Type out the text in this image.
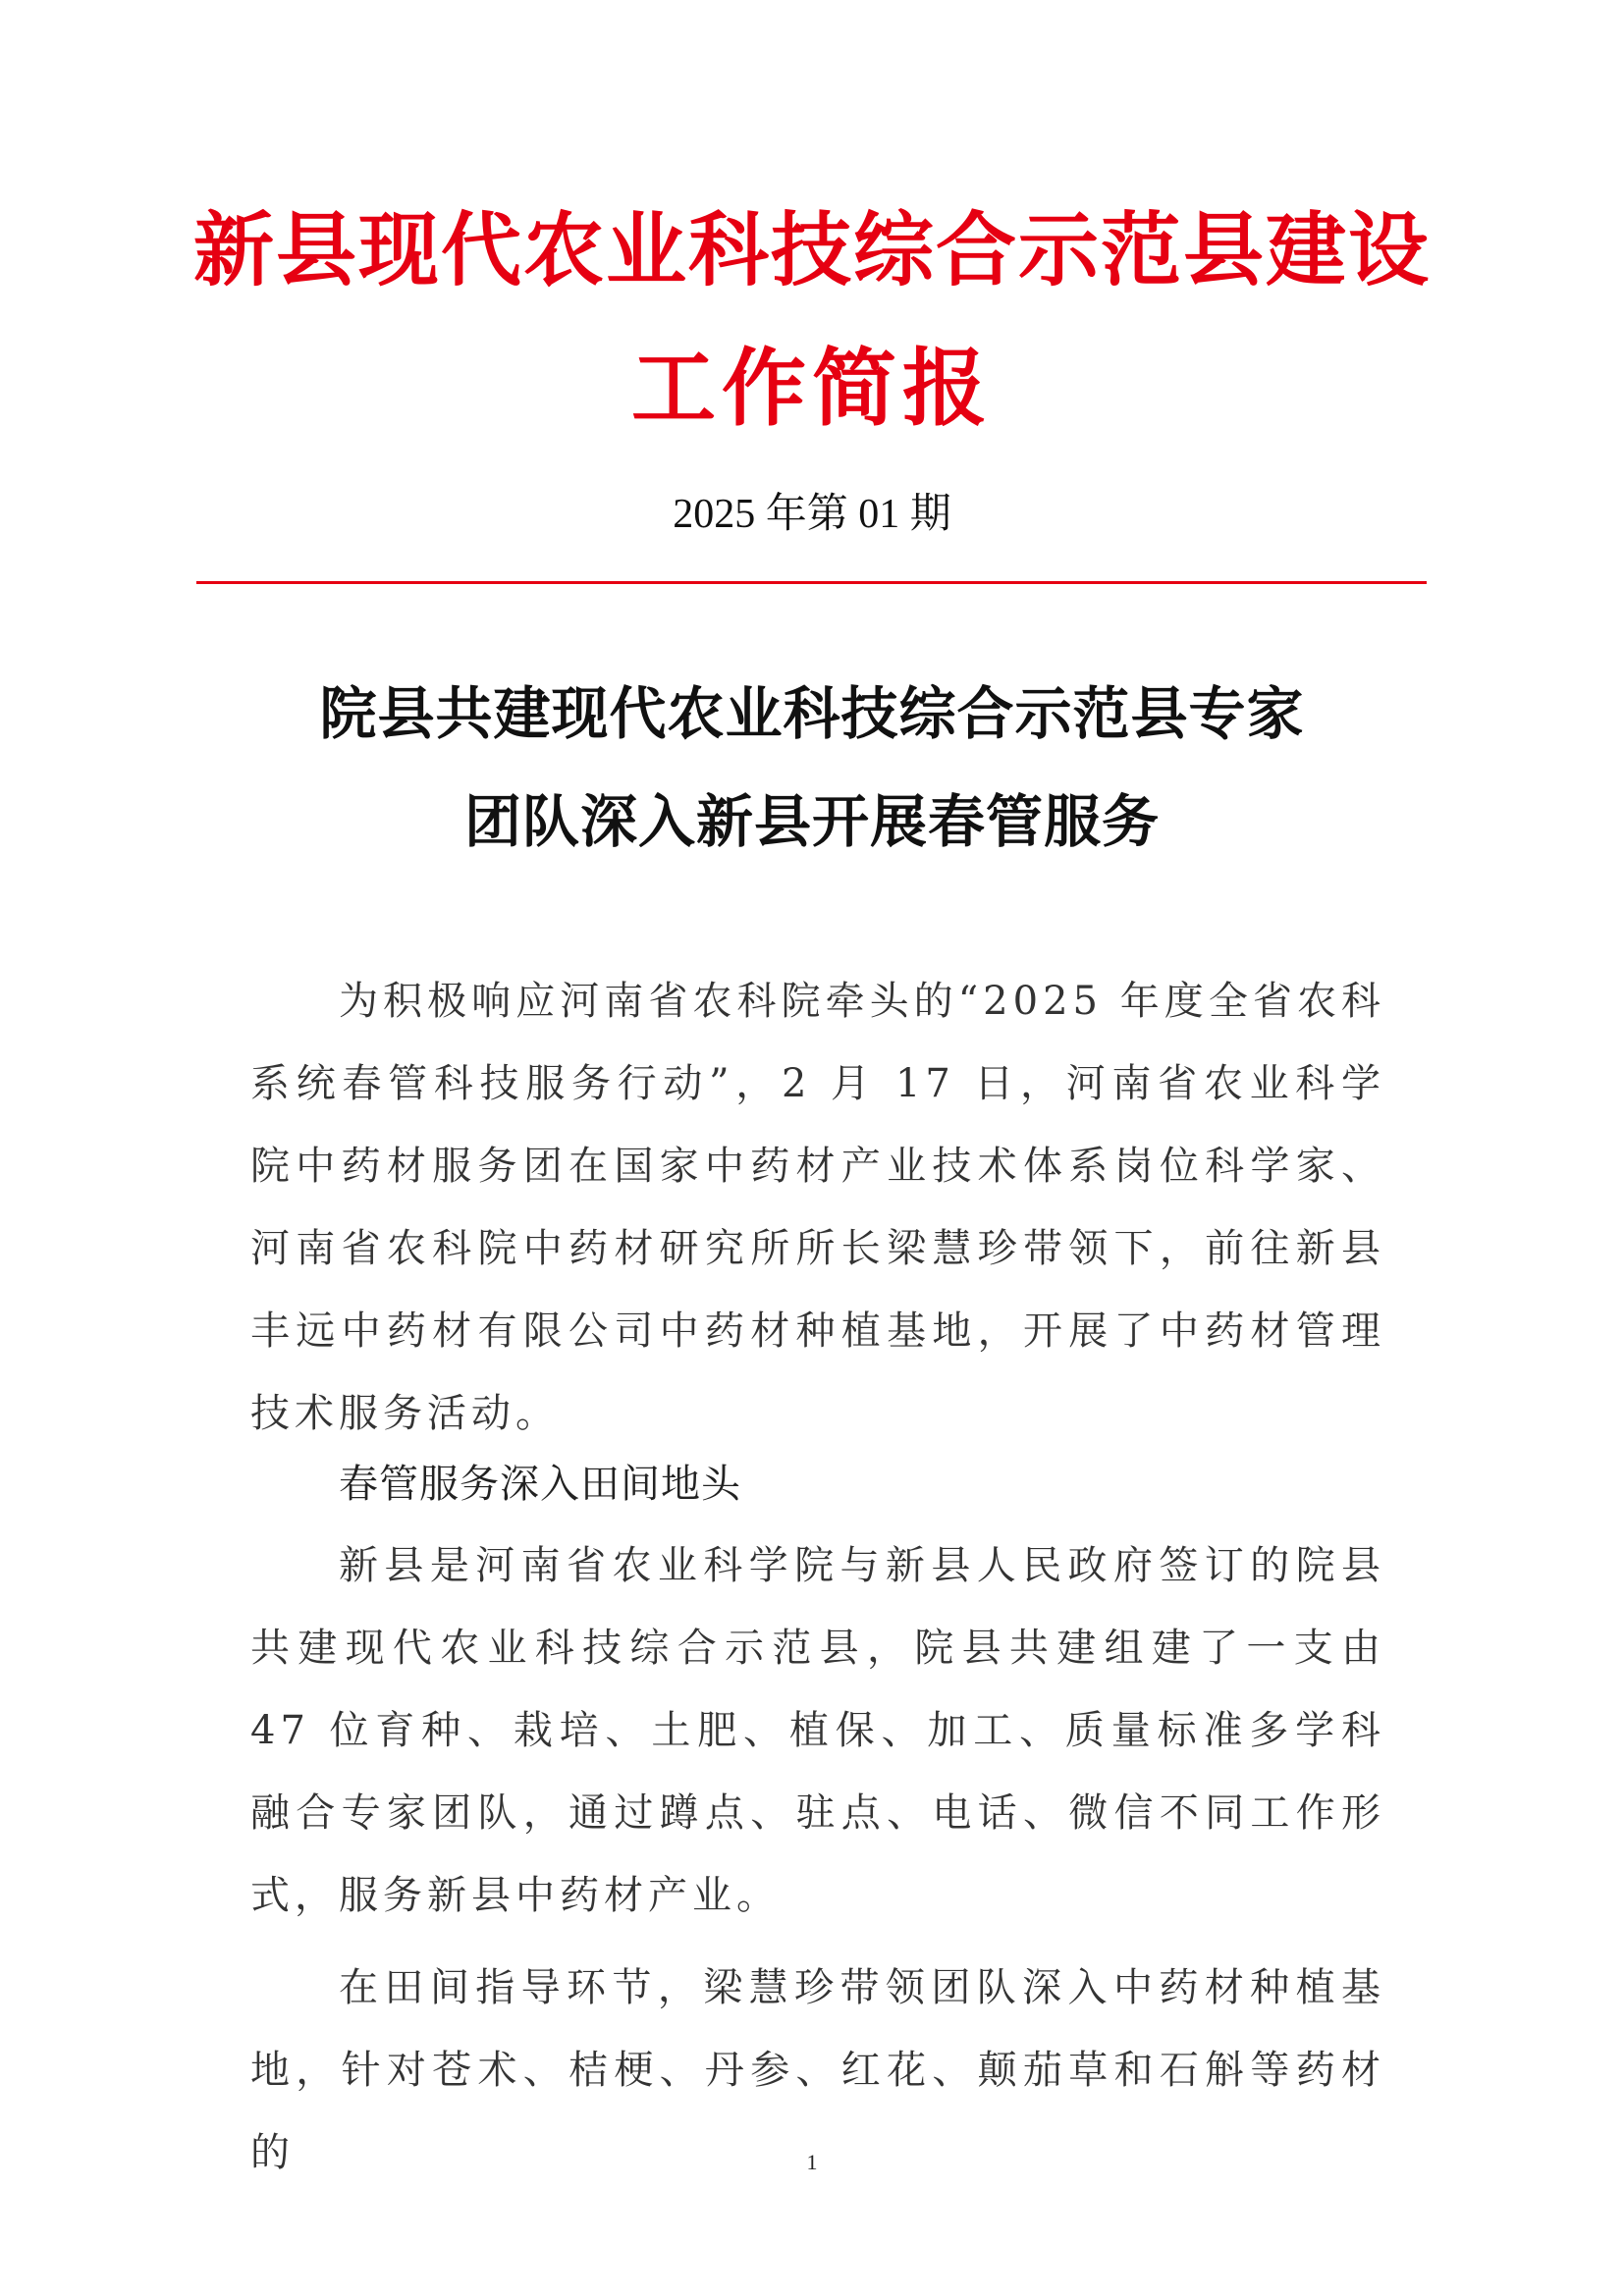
新县现代农业科技综合示范县建设
工作简报
2025 年第 01 期
院县共建现代农业科技综合示范县专家
团队深入新县开展春管服务

为积极响应河南省农科院牵头的“2025 年度全省农科系统春管科技服务行动”，2 月 17 日，河南省农业科学院中药材服务团在国家中药材产业技术体系岗位科学家、河南省农科院中药材研究所所长梁慧珍带领下，前往新县丰远中药材有限公司中药材种植基地，开展了中药材管理技术服务活动。

春管服务深入田间地头

新县是河南省农业科学院与新县人民政府签订的院县共建现代农业科技综合示范县，院县共建组建了一支由 47 位育种、栽培、土肥、植保、加工、质量标准多学科融合专家团队，通过蹲点、驻点、电话、微信不同工作形式，服务新县中药材产业。

在田间指导环节，梁慧珍带领团队深入中药材种植基地，针对苍术、桔梗、丹参、红花、颠茄草和石斛等药材的	1
